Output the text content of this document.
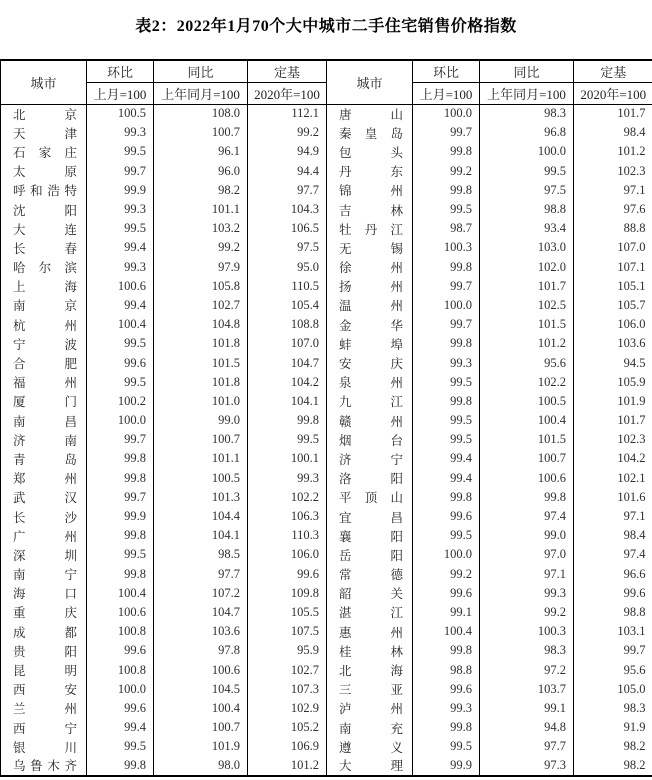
表2：2022年1月70个大中城市二手住宅销售价格指数
城市	环比	同比	定基	城市	环比	同比	定基
	上月=100	上年同月=100	2020年=100		上月=100	上年同月=100	2020年=100

北京	100.5	108.0	112.1	唐山	100.0	98.3	101.7

天津	99.3	100.7	99.2	秦皇岛	99.7	96.8	98.4

石家庄	99.5	96.1	94.9	包头	99.8	100.0	101.2

太原	99.7	96.0	94.4	丹东	99.2	99.5	102.3

呼和浩特	99.9	98.2	97.7	锦州	99.8	97.5	97.1

沈阳	99.3	101.1	104.3	吉林	99.5	98.8	97.6

大连	99.5	103.2	106.5	牡丹江	98.7	93.4	88.8

长春	99.4	99.2	97.5	无锡	100.3	103.0	107.0

哈尔滨	99.3	97.9	95.0	徐州	99.8	102.0	107.1

上海	100.6	105.8	110.5	扬州	99.7	101.7	105.1

南京	99.4	102.7	105.4	温州	100.0	102.5	105.7

杭州	100.4	104.8	108.8	金华	99.7	101.5	106.0

宁波	99.5	101.8	107.0	蚌埠	99.8	101.2	103.6

合肥	99.6	101.5	104.7	安庆	99.3	95.6	94.5

福州	99.5	101.8	104.2	泉州	99.5	102.2	105.9

厦门	100.2	101.0	104.1	九江	99.8	100.5	101.9

南昌	100.0	99.0	99.8	赣州	99.5	100.4	101.7

济南	99.7	100.7	99.5	烟台	99.5	101.5	102.3

青岛	99.8	101.1	100.1	济宁	99.4	100.7	104.2

郑州	99.8	100.5	99.3	洛阳	99.4	100.6	102.1

武汉	99.7	101.3	102.2	平顶山	99.8	99.8	101.6

长沙	99.9	104.4	106.3	宜昌	99.6	97.4	97.1

广州	99.8	104.1	110.3	襄阳	99.5	99.0	98.4

深圳	99.5	98.5	106.0	岳阳	100.0	97.0	97.4

南宁	99.8	97.7	99.6	常德	99.2	97.1	96.6

海口	100.4	107.2	109.8	韶关	99.6	99.3	99.6

重庆	100.6	104.7	105.5	湛江	99.1	99.2	98.8

成都	100.8	103.6	107.5	惠州	100.4	100.3	103.1

贵阳	99.6	97.8	95.9	桂林	99.8	98.3	99.7

昆明	100.8	100.6	102.7	北海	98.8	97.2	95.6

西安	100.0	104.5	107.3	三亚	99.6	103.7	105.0

兰州	99.6	100.4	102.9	泸州	99.3	99.1	98.3

西宁	99.4	100.7	105.2	南充	99.8	94.8	91.9

银川	99.5	101.9	106.9	遵义	99.5	97.7	98.2

乌鲁木齐	99.8	98.0	101.2	大理	99.9	97.3	98.2
